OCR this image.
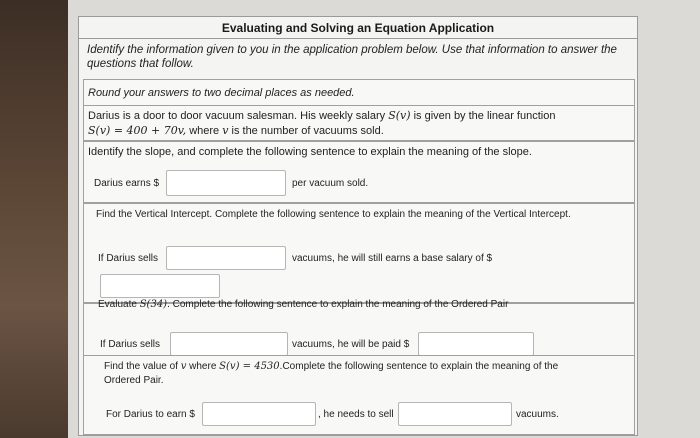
Evaluating and Solving an Equation Application
Identify the information given to you in the application problem below. Use that information to answer the questions that follow.
Round your answers to two decimal places as needed.
Darius is a door to door vacuum salesman. His weekly salary S(v) is given by the linear function
S(v) = 400 + 70v, where v is the number of vacuums sold.
Identify the slope, and complete the following sentence to explain the meaning of the slope.
Darius earns $	per vacuum sold.
Find the Vertical Intercept. Complete the following sentence to explain the meaning of the Vertical Intercept.
If Darius sells	vacuums, he will still earns a base salary of $
Evaluate S(34). Complete the following sentence to explain the meaning of the Ordered Pair
If Darius sells	vacuums, he will be paid $
Find the value of v where S(v) = 4530.Complete the following sentence to explain the meaning of the
Ordered Pair.
For Darius to earn $	, he needs to sell	vacuums.
